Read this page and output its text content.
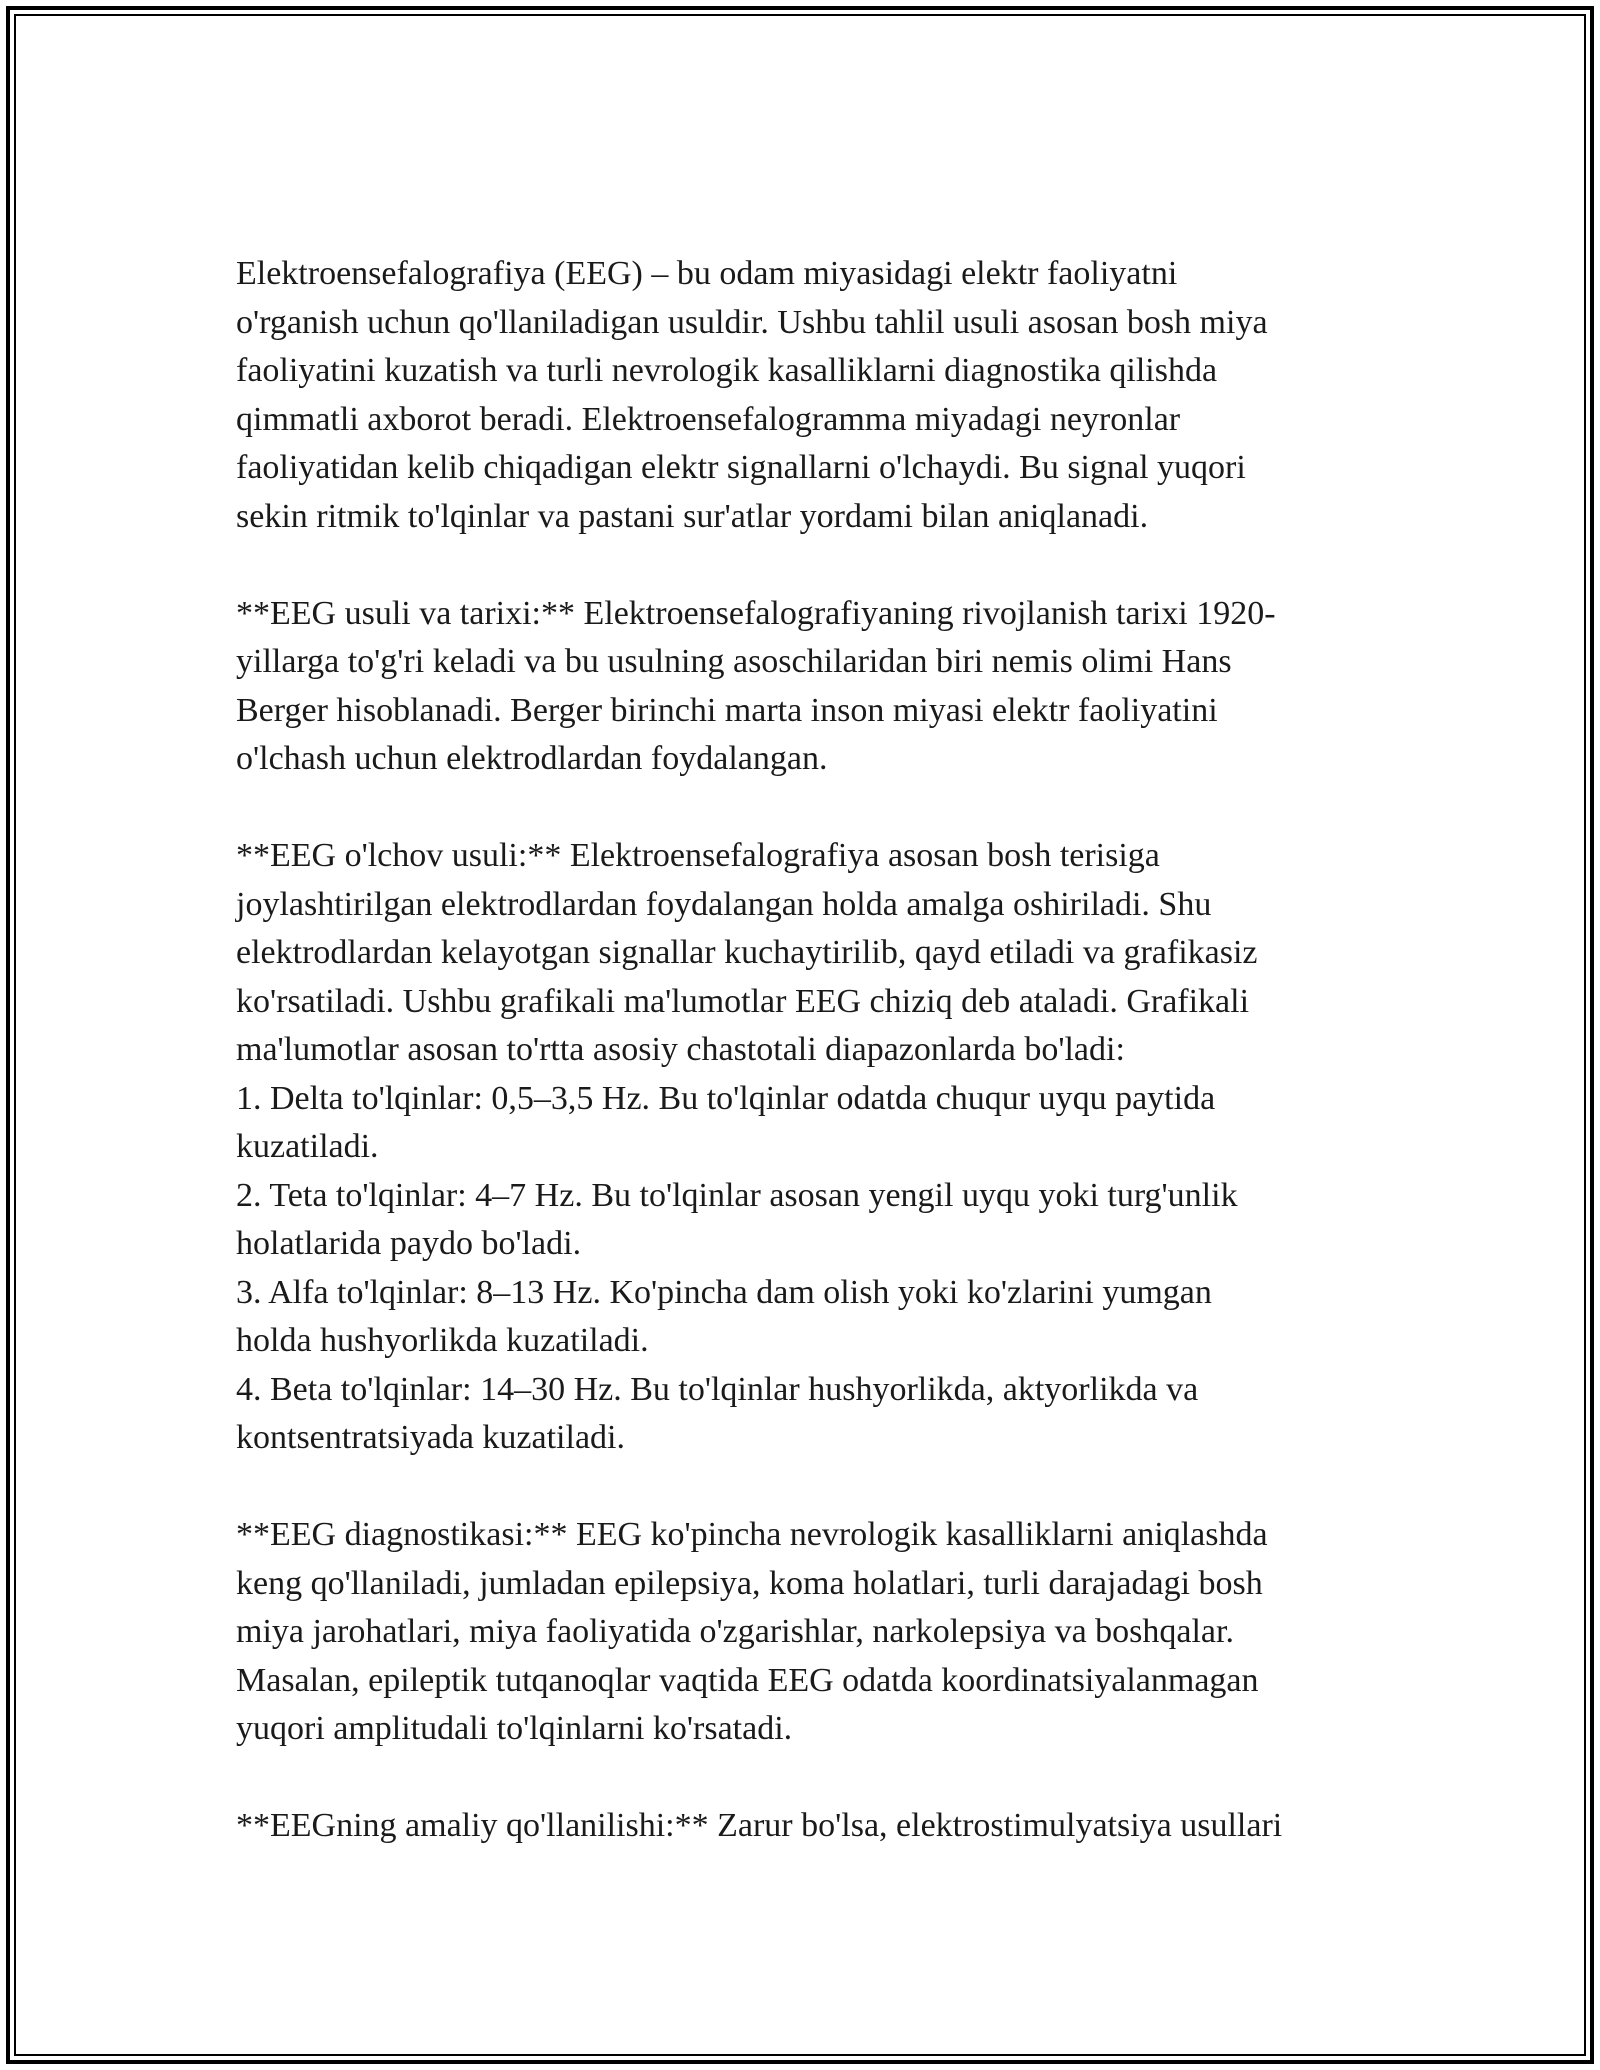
Elektroensefalografiya (EEG) – bu odam miyasidagi elektr faoliyatni
o'rganish uchun qo'llaniladigan usuldir. Ushbu tahlil usuli asosan bosh miya
faoliyatini kuzatish va turli nevrologik kasalliklarni diagnostika qilishda
qimmatli axborot beradi. Elektroensefalogramma miyadagi neyronlar
faoliyatidan kelib chiqadigan elektr signallarni o'lchaydi. Bu signal yuqori
sekin ritmik to'lqinlar va pastani sur'atlar yordami bilan aniqlanadi.
**EEG usuli va tarixi:** Elektroensefalografiyaning rivojlanish tarixi 1920-
yillarga to'g'ri keladi va bu usulning asoschilaridan biri nemis olimi Hans
Berger hisoblanadi. Berger birinchi marta inson miyasi elektr faoliyatini
o'lchash uchun elektrodlardan foydalangan.
**EEG o'lchov usuli:** Elektroensefalografiya asosan bosh terisiga
joylashtirilgan elektrodlardan foydalangan holda amalga oshiriladi. Shu
elektrodlardan kelayotgan signallar kuchaytirilib, qayd etiladi va grafikasiz
ko'rsatiladi. Ushbu grafikali ma'lumotlar EEG chiziq deb ataladi. Grafikali
ma'lumotlar asosan to'rtta asosiy chastotali diapazonlarda bo'ladi:
1. Delta to'lqinlar: 0,5–3,5 Hz. Bu to'lqinlar odatda chuqur uyqu paytida
kuzatiladi.
2. Teta to'lqinlar: 4–7 Hz. Bu to'lqinlar asosan yengil uyqu yoki turg'unlik
holatlarida paydo bo'ladi.
3. Alfa to'lqinlar: 8–13 Hz. Ko'pincha dam olish yoki ko'zlarini yumgan
holda hushyorlikda kuzatiladi.
4. Beta to'lqinlar: 14–30 Hz. Bu to'lqinlar hushyorlikda, aktyorlikda va
kontsentratsiyada kuzatiladi.
**EEG diagnostikasi:** EEG ko'pincha nevrologik kasalliklarni aniqlashda
keng qo'llaniladi, jumladan epilepsiya, koma holatlari, turli darajadagi bosh
miya jarohatlari, miya faoliyatida o'zgarishlar, narkolepsiya va boshqalar.
Masalan, epileptik tutqanoqlar vaqtida EEG odatda koordinatsiyalanmagan
yuqori amplitudali to'lqinlarni ko'rsatadi.
**EEGning amaliy qo'llanilishi:** Zarur bo'lsa, elektrostimulyatsiya usullari
